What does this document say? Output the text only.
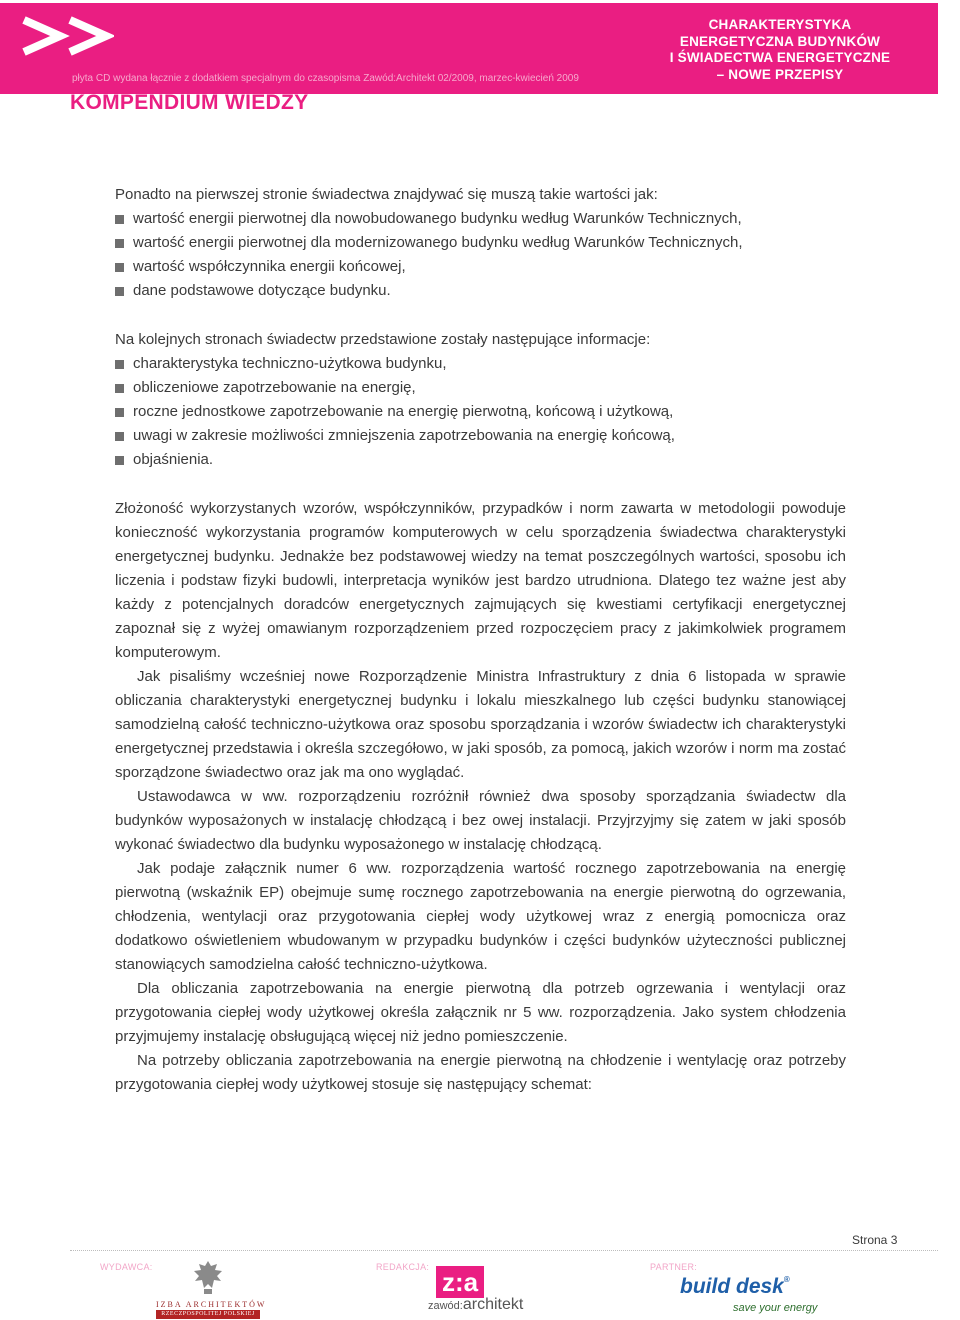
CHARAKTERYSTYKA
ENERGETYCZNA BUDYNKÓW
I ŚWIADECTWA ENERGETYCZNE
– NOWE PRZEPISY
płyta CD wydana łącznie z dodatkiem specjalnym do czasopisma Zawód:Architekt 02/2009, marzec-kwiecień 2009
KOMPENDIUM WIEDZY
Ponadto na pierwszej stronie świadectwa znajdywać się muszą takie wartości jak:
wartość energii pierwotnej dla nowobudowanego budynku według Warunków Technicznych,
wartość energii pierwotnej dla modernizowanego budynku według Warunków Technicznych,
wartość współczynnika energii końcowej,
dane podstawowe dotyczące budynku.
Na kolejnych stronach świadectw przedstawione zostały następujące informacje:
charakterystyka techniczno-użytkowa budynku,
obliczeniowe zapotrzebowanie na energię,
roczne jednostkowe zapotrzebowanie na energię pierwotną, końcową i użytkową,
uwagi w zakresie możliwości zmniejszenia zapotrzebowania na energię końcową,
objaśnienia.

Złożoność wykorzystanych wzorów, współczynników, przypadków i norm zawarta w metodologii powoduje konieczność wykorzystania programów komputerowych w celu sporządzenia świadectwa charakterystyki energetycznej budynku. Jednakże bez podstawowej wiedzy na temat poszczególnych wartości, sposobu ich liczenia i podstaw fizyki budowli, interpretacja wyników jest bardzo utrudniona. Dlatego tez ważne jest aby każdy z potencjalnych doradców energetycznych zajmujących się kwestiami certyfikacji energetycznej zapoznał się z wyżej omawianym rozporządzeniem przed rozpoczęciem pracy z jakimkolwiek programem komputerowym.

Jak pisaliśmy wcześniej nowe Rozporządzenie Ministra Infrastruktury z dnia 6 listopada w sprawie obliczania charakterystyki energetycznej budynku i lokalu mieszkalnego lub części budynku stanowiącej samodzielną całość techniczno-użytkowa oraz sposobu sporządzania i wzorów świadectw ich charakterystyki energetycznej przedstawia i określa szczegółowo, w jaki sposób, za pomocą, jakich wzorów i norm ma zostać sporządzone świadectwo oraz jak ma ono wyglądać.

Ustawodawca w ww. rozporządzeniu rozróżnił również dwa sposoby sporządzania świadectw dla budynków wyposażonych w instalację chłodzącą i bez owej instalacji. Przyjrzyjmy się zatem w jaki sposób wykonać świadectwo dla budynku wyposażonego w instalację chłodzącą.

Jak podaje załącznik numer 6 ww. rozporządzenia wartość rocznego zapotrzebowania na energię pierwotną (wskaźnik EP) obejmuje sumę rocznego zapotrzebowania na energie pierwotną do ogrzewania, chłodzenia, wentylacji oraz przygotowania ciepłej wody użytkowej wraz z energią pomocnicza oraz dodatkowo oświetleniem wbudowanym w przypadku budynków i części budynków użyteczności publicznej stanowiących samodzielna całość techniczno-użytkowa.

Dla obliczania zapotrzebowania na energie pierwotną dla potrzeb ogrzewania i wentylacji oraz przygotowania ciepłej wody użytkowej określa załącznik nr 5 ww. rozporządzenia. Jako system chłodzenia przyjmujemy instalację obsługującą więcej niż jedno pomieszczenie.

Na potrzeby obliczania zapotrzebowania na energie pierwotną na chłodzenie i wentylację oraz potrzeby przygotowania ciepłej wody użytkowej stosuje się następujący schemat:

Strona 3
WYDAWCA:	REDAKCJA:	PARTNER:
IZBA ARCHITEKTÓW
RZECZPOSPOLITEJ POLSKIEJ
z:a
zawód:architekt
build desk®
save your energy
